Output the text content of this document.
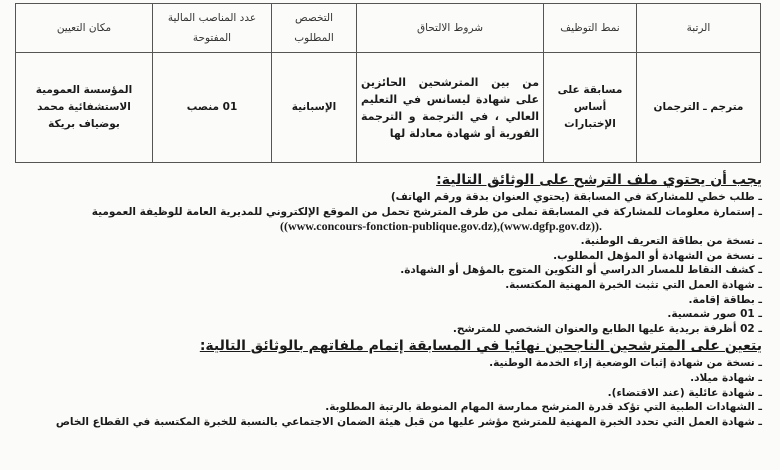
الرتبة	نمط التوظيف	شروط الالتحاق	التخصص المطلوب	عدد المناصب المالية المفتوحة	مكان التعيين
مترجم ـ الترجمان	مسابقة على أساس الإختبارات	من بين المترشحين الحائزين على شهادة ليسانس في التعليم العالي ، في الترجمة و الترجمة الفورية أو شهادة معادلة لها	الإسبانية	01 منصب	المؤسسة العمومية الاستشفائية محمد بوضياف بريكة
يجب أن يحتوي ملف الترشح على الوثائق التالية:
ـ طلب خطي للمشاركة في المسابقة (يحتوي العنوان بدقة ورقم الهاتف)
ـ إستمارة معلومات للمشاركة في المسابقة تملى من طرف المترشح تحمل من الموقع الإلكتروني للمديرية العامة للوظيفة العمومية
((www.concours-fonction-publique.gov.dz),(www.dgfp.gov.dz)).
ـ نسخة من بطاقة التعريف الوطنية.
ـ نسخة من الشهادة أو المؤهل المطلوب.
ـ كشف النقاط للمسار الدراسي أو التكوين المتوج بالمؤهل أو الشهادة.
ـ شهادة العمل التي تثبت الخبرة المهنية المكتسبة.
ـ بطاقة إقامة.
ـ 01 صور شمسية.
ـ 02 أظرفة بريدية عليها الطابع والعنوان الشخصي للمترشح.
يتعين على المترشحين الناجحين نهائيا في المسابقة إتمام ملفاتهم بالوثائق التالية:
ـ نسخة من شهادة إثبات الوضعية إزاء الخدمة الوطنية.
ـ شهادة ميلاد.
ـ شهادة عائلية (عند الاقتضاء).
ـ الشهادات الطبية التي تؤكد قدرة المترشح ممارسة المهام المنوطة بالرتبة المطلوبة.
ـ شهادة العمل التي تحدد الخبرة المهنية للمترشح مؤشر عليها من قبل هيئة الضمان الاجتماعي بالنسبة للخبرة المكتسبة في القطاع الخاص
